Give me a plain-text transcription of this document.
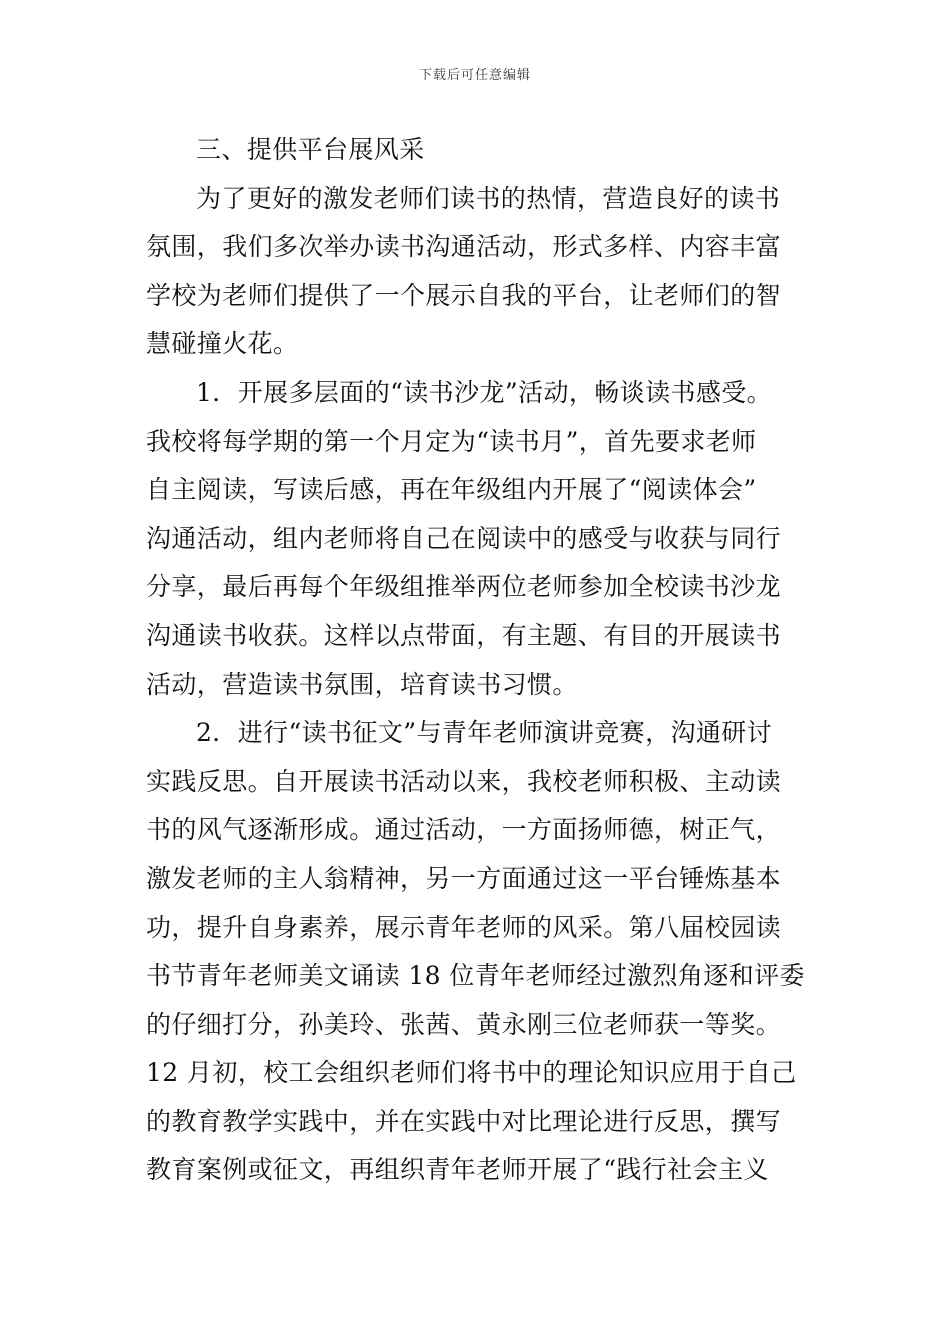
下载后可任意编辑
三、提供平台展风采
为了更好的激发老师们读书的热情，营造良好的读书
氛围，我们多次举办读书沟通活动，形式多样、内容丰富
学校为老师们提供了一个展示自我的平台，让老师们的智
慧碰撞火花。
1．开展多层面的“读书沙龙”活动，畅谈读书感受。
我校将每学期的第一个月定为“读书月”，首先要求老师
自主阅读，写读后感，再在年级组内开展了“阅读体会”
沟通活动，组内老师将自己在阅读中的感受与收获与同行
分享，最后再每个年级组推举两位老师参加全校读书沙龙
沟通读书收获。这样以点带面，有主题、有目的开展读书
活动，营造读书氛围，培育读书习惯。
2．进行“读书征文”与青年老师演讲竞赛，沟通研讨
实践反思。自开展读书活动以来，我校老师积极、主动读
书的风气逐渐形成。通过活动，一方面扬师德，树正气，
激发老师的主人翁精神，另一方面通过这一平台锤炼基本
功，提升自身素养，展示青年老师的风采。第八届校园读
书节青年老师美文诵读 18 位青年老师经过激烈角逐和评委
的仔细打分，孙美玲、张茜、黄永刚三位老师获一等奖。
12 月初，校工会组织老师们将书中的理论知识应用于自己
的教育教学实践中，并在实践中对比理论进行反思，撰写
教育案例或征文，再组织青年老师开展了“践行社会主义
